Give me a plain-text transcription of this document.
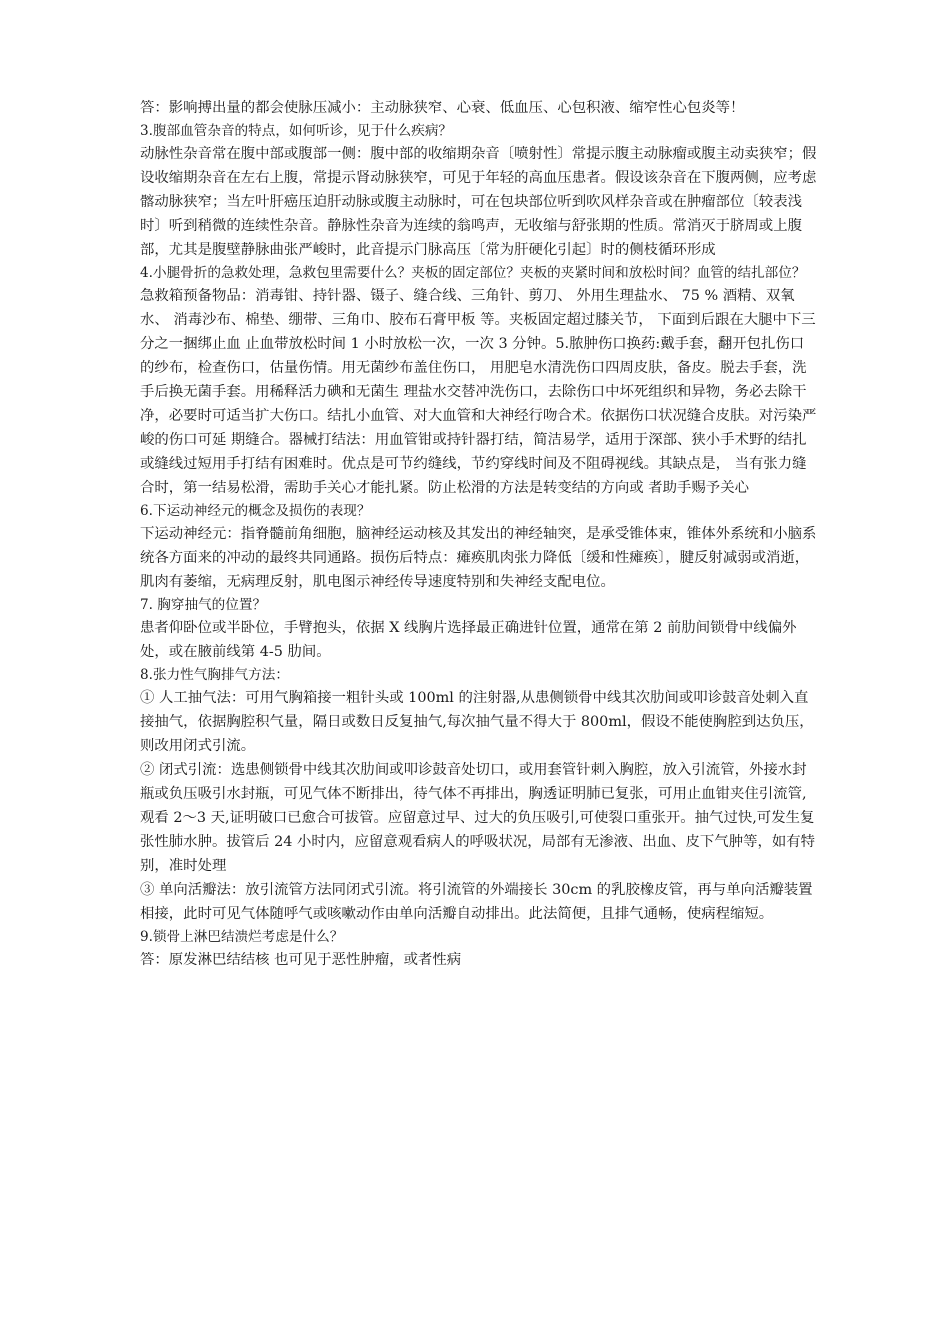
答：影响搏出量的都会使脉压减小：主动脉狭窄、心衰、低血压、心包积液、缩窄性心包炎等！

3.腹部血管杂音的特点，如何听诊，见于什么疾病？

动脉性杂音常在腹中部或腹部一侧：腹中部的收缩期杂音〔喷射性〕常提示腹主动脉瘤或腹主动卖狭窄；假设收缩期杂音在左右上腹，常提示肾动脉狭窄，可见于年轻的高血压患者。假设该杂音在下腹两侧，应考虑髂动脉狭窄；当左叶肝癌压迫肝动脉或腹主动脉时，可在包块部位听到吹风样杂音或在肿瘤部位〔较表浅时〕听到稍微的连续性杂音。静脉性杂音为连续的翁鸣声，无收缩与舒张期的性质。常消灭于脐周或上腹部，尤其是腹壁静脉曲张严峻时，此音提示门脉高压〔常为肝硬化引起〕时的侧枝循环形成

4.小腿骨折的急救处理，急救包里需要什么？夹板的固定部位？夹板的夹紧时间和放松时间？血管的结扎部位？

急救箱预备物品：消毒钳、持针器、镊子、缝合线、三角针、剪刀、 外用生理盐水、 75 % 酒精、双氧 水、 消毒沙布、棉垫、绷带、三角巾、胶布石膏甲板 等。夹板固定超过膝关节， 下面到后跟在大腿中下三分之一捆绑止血 止血带放松时间 1 小时放松一次，一次 3 分钟。5.脓肿伤口换药:戴手套，翻开包扎伤口的纱布，检查伤口，估量伤情。用无菌纱布盖住伤口， 用肥皂水清洗伤口四周皮肤，备皮。脱去手套，洗手后换无菌手套。用稀释活力碘和无菌生 理盐水交替冲洗伤口，去除伤口中坏死组织和异物，务必去除干净，必要时可适当扩大伤口。结扎小血管、对大血管和大神经行吻合术。依据伤口状况缝合皮肤。对污染严峻的伤口可延 期缝合。器械打结法：用血管钳或持针器打结，简洁易学，适用于深部、狭小手术野的结扎 或缝线过短用手打结有困难时。优点是可节约缝线，节约穿线时间及不阻碍视线。其缺点是， 当有张力缝合时，第一结易松滑，需助手关心才能扎紧。防止松滑的方法是转变结的方向或 者助手赐予关心

6.下运动神经元的概念及损伤的表现？

下运动神经元：指脊髓前角细胞，脑神经运动核及其发出的神经轴突，是承受锥体束，锥体外系统和小脑系统各方面来的冲动的最终共同通路。损伤后特点：瘫痪肌肉张力降低〔缓和性瘫痪〕，腱反射减弱或消逝，肌肉有萎缩，无病理反射，肌电图示神经传导速度特别和失神经支配电位。

7. 胸穿抽气的位置？

患者仰卧位或半卧位，手臂抱头，依据 X 线胸片选择最正确进针位置，通常在第 2 前肋间锁骨中线偏外处，或在腋前线第 4-5 肋间。

8.张力性气胸排气方法：

① 人工抽气法：可用气胸箱接一粗针头或 100ml 的注射器,从患侧锁骨中线其次肋间或叩诊鼓音处刺入直接抽气，依据胸腔积气量，隔日或数日反复抽气,每次抽气量不得大于 800ml，假设不能使胸腔到达负压，则改用闭式引流。

② 闭式引流：选患侧锁骨中线其次肋间或叩诊鼓音处切口，或用套管针刺入胸腔，放入引流管，外接水封瓶或负压吸引水封瓶，可见气体不断排出，待气体不再排出，胸透证明肺已复张，可用止血钳夹住引流管,观看 2～3 天,证明破口已愈合可拔管。应留意过早、过大的负压吸引,可使裂口重张开。抽气过快,可发生复张性肺水肿。拔管后 24 小时内，应留意观看病人的呼吸状况，局部有无渗液、出血、皮下气肿等，如有特别，准时处理

③ 单向活瓣法：放引流管方法同闭式引流。将引流管的外端接长 30cm 的乳胶橡皮管，再与单向活瓣装置相接，此时可见气体随呼气或咳嗽动作由单向活瓣自动排出。此法简便，且排气通畅，使病程缩短。

9.锁骨上淋巴结溃烂考虑是什么？

答：原发淋巴结结核 也可见于恶性肿瘤，或者性病
